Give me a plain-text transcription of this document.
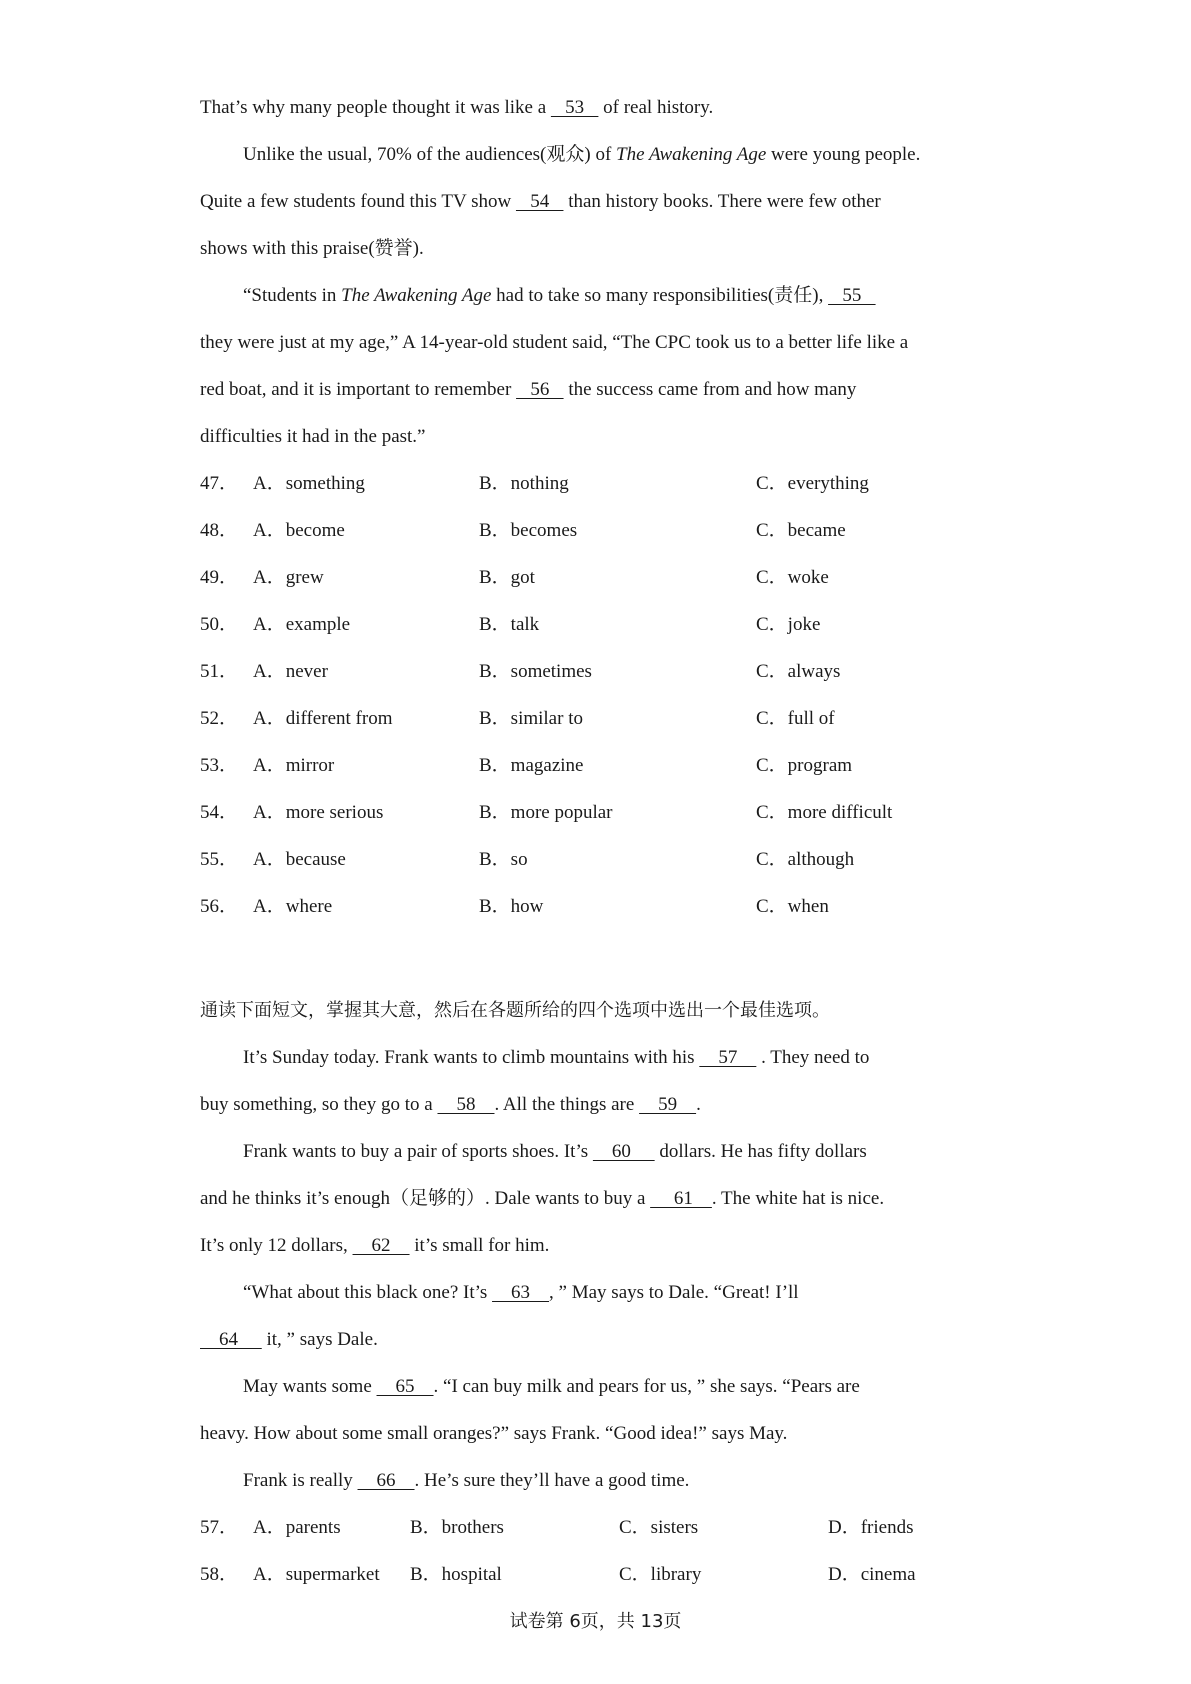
That’s why many people thought it was like a    53    of real history.
Unlike the usual, 70% of the audiences(观众) of The Awakening Age were young people.
Quite a few students found this TV show    54    than history books. There were few other
shows with this praise(赞誉).
“Students in The Awakening Age had to take so many responsibilities(责任),    55
they were just at my age,” A 14-year-old student said, “The CPC took us to a better life like a
red boat, and it is important to remember    56    the success came from and how many
difficulties it had in the past.”
47． A．something	B．nothing	C．everything
48． A．become	B．becomes	C．became
49． A．grew	B．got	C．woke
50． A．example	B．talk	C．joke
51． A．never	B．sometimes	C．always
52． A．different from	B．similar to	C．full of
53． A．mirror	B．magazine	C．program
54． A．more serious	B．more popular	C．more difficult
55． A．because	B．so	C．although
56． A．where	B．how	C．when
通读下面短文，掌握其大意，然后在各题所给的四个选项中选出一个最佳选项。
It’s Sunday today. Frank wants to climb mountains with his     57     . They need to
buy something, so they go to a     58    . All the things are     59    .
Frank wants to buy a pair of sports shoes. It’s     60      dollars. He has fifty dollars
and he thinks it’s enough（足够的）. Dale wants to buy a      61    . The white hat is nice.
It’s only 12 dollars,     62     it’s small for him.
“What about this black one? It’s     63    , ” May says to Dale. “Great! I’ll
64      it, ” says Dale.
May wants some     65    . “I can buy milk and pears for us, ” she says. “Pears are
heavy. How about some small oranges?” says Frank. “Good idea!” says May.
Frank is really     66    . He’s sure they’ll have a good time.
57． A．parents	B．brothers	C．sisters	D．friends
58． A．supermarket B．hospital	C．library	D．cinema
试卷第 6页，共 13页
